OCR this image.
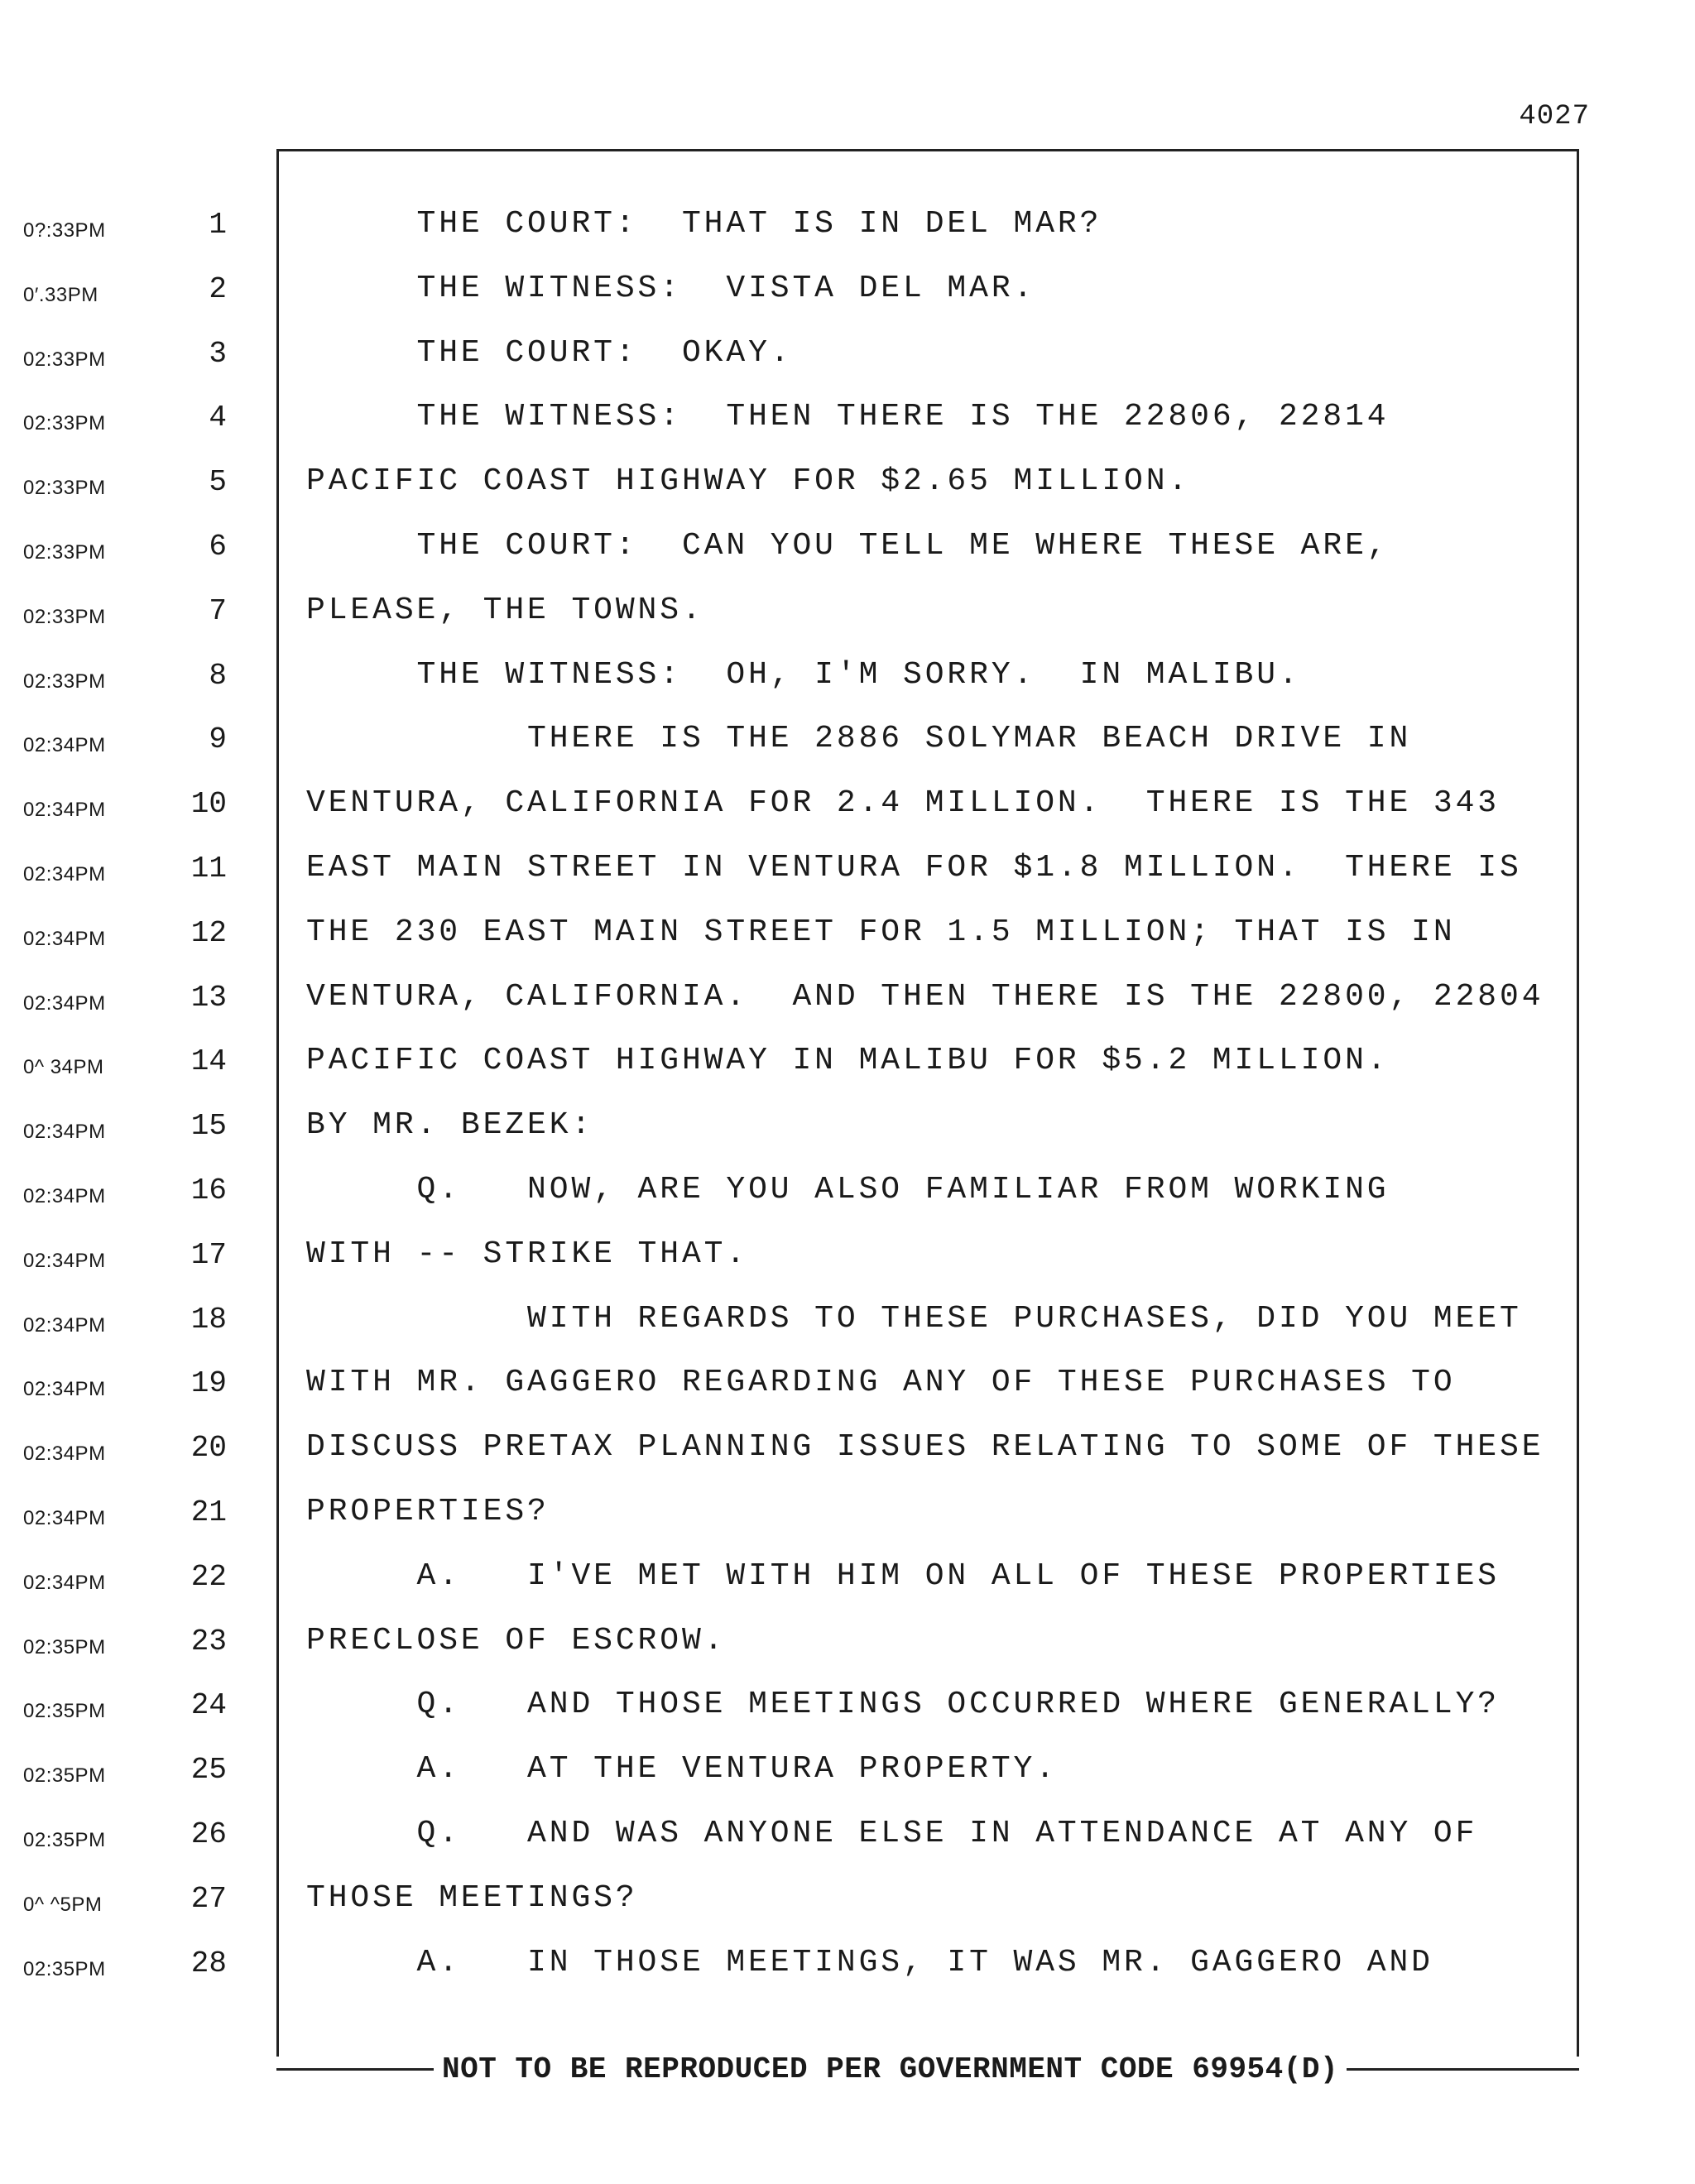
4027
0?:33PM	1	THE COURT:  THAT IS IN DEL MAR?
0′.33PM	2	THE WITNESS:  VISTA DEL MAR.
02:33PM	3	THE COURT:  OKAY.
02:33PM	4	THE WITNESS:  THEN THERE IS THE 22806, 22814
02:33PM	5	PACIFIC COAST HIGHWAY FOR $2.65 MILLION.
02:33PM	6	THE COURT:  CAN YOU TELL ME WHERE THESE ARE,
02:33PM	7	PLEASE, THE TOWNS.
02:33PM	8	THE WITNESS:  OH, I'M SORRY.  IN MALIBU.
02:34PM	9	THERE IS THE 2886 SOLYMAR BEACH DRIVE IN
02:34PM	10	VENTURA, CALIFORNIA FOR 2.4 MILLION.  THERE IS THE 343
02:34PM	11	EAST MAIN STREET IN VENTURA FOR $1.8 MILLION.  THERE IS
02:34PM	12	THE 230 EAST MAIN STREET FOR 1.5 MILLION; THAT IS IN
02:34PM	13	VENTURA, CALIFORNIA.  AND THEN THERE IS THE 22800, 22804
0^ 34PM	14	PACIFIC COAST HIGHWAY IN MALIBU FOR $5.2 MILLION.
02:34PM	15	BY MR. BEZEK:
02:34PM	16	Q.   NOW, ARE YOU ALSO FAMILIAR FROM WORKING
02:34PM	17	WITH -- STRIKE THAT.
02:34PM	18	WITH REGARDS TO THESE PURCHASES, DID YOU MEET
02:34PM	19	WITH MR. GAGGERO REGARDING ANY OF THESE PURCHASES TO
02:34PM	20	DISCUSS PRETAX PLANNING ISSUES RELATING TO SOME OF THESE
02:34PM	21	PROPERTIES?
02:34PM	22	A.   I'VE MET WITH HIM ON ALL OF THESE PROPERTIES
02:35PM	23	PRECLOSE OF ESCROW.
02:35PM	24	Q.   AND THOSE MEETINGS OCCURRED WHERE GENERALLY?
02:35PM	25	A.   AT THE VENTURA PROPERTY.
02:35PM	26	Q.   AND WAS ANYONE ELSE IN ATTENDANCE AT ANY OF
0^ ^5PM	27	THOSE MEETINGS?
02:35PM	28	A.   IN THOSE MEETINGS, IT WAS MR. GAGGERO AND
NOT TO BE REPRODUCED PER GOVERNMENT CODE 69954(D)
